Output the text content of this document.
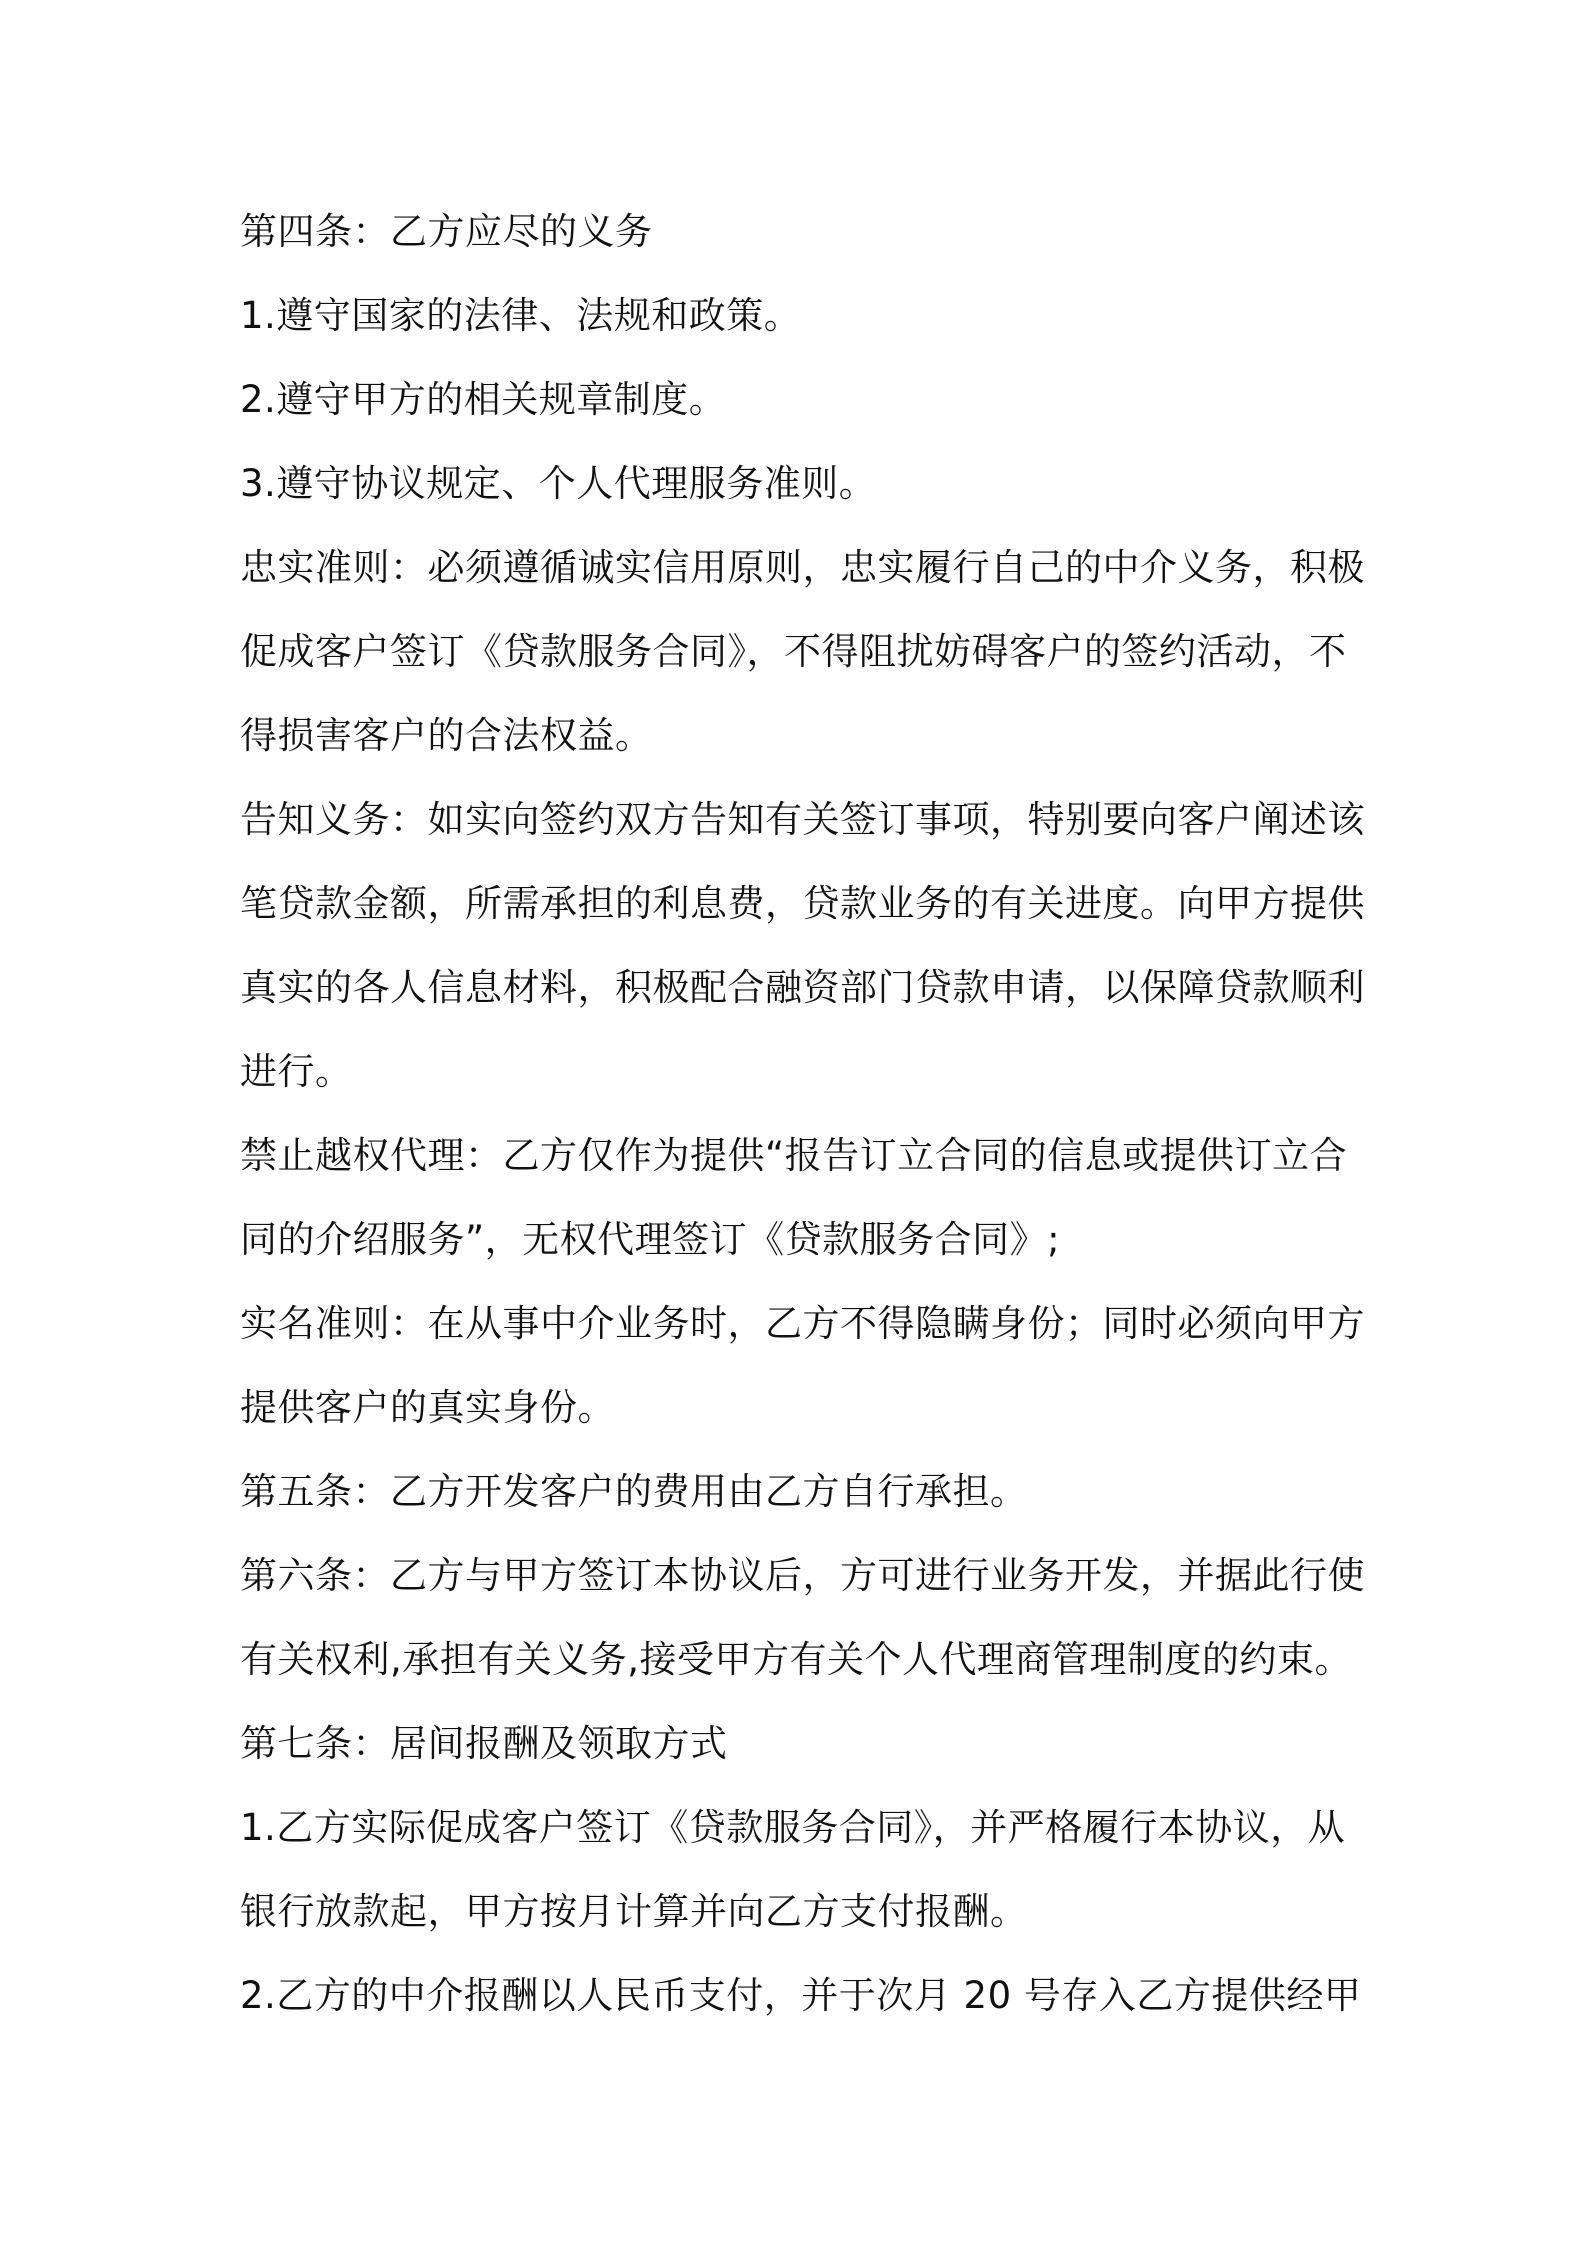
第四条：乙方应尽的义务
1.遵守国家的法律、法规和政策。
2.遵守甲方的相关规章制度。
3.遵守协议规定、个人代理服务准则。
忠实准则：必须遵循诚实信用原则，忠实履行自己的中介义务，积极
促成客户签订《贷款服务合同》，不得阻扰妨碍客户的签约活动，不
得损害客户的合法权益。
告知义务：如实向签约双方告知有关签订事项，特别要向客户阐述该
笔贷款金额，所需承担的利息费，贷款业务的有关进度。向甲方提供
真实的各人信息材料，积极配合融资部门贷款申请，以保障贷款顺利
进行。
禁止越权代理：乙方仅作为提供“报告订立合同的信息或提供订立合
同的介绍服务”，无权代理签订《贷款服务合同》;
实名准则：在从事中介业务时，乙方不得隐瞒身份；同时必须向甲方
提供客户的真实身份。
第五条：乙方开发客户的费用由乙方自行承担。
第六条：乙方与甲方签订本协议后，方可进行业务开发，并据此行使
有关权利,承担有关义务,接受甲方有关个人代理商管理制度的约束。
第七条：居间报酬及领取方式
1.乙方实际促成客户签订《贷款服务合同》，并严格履行本协议，从
银行放款起，甲方按月计算并向乙方支付报酬。
2.乙方的中介报酬以人民币支付，并于次月 20 号存入乙方提供经甲
